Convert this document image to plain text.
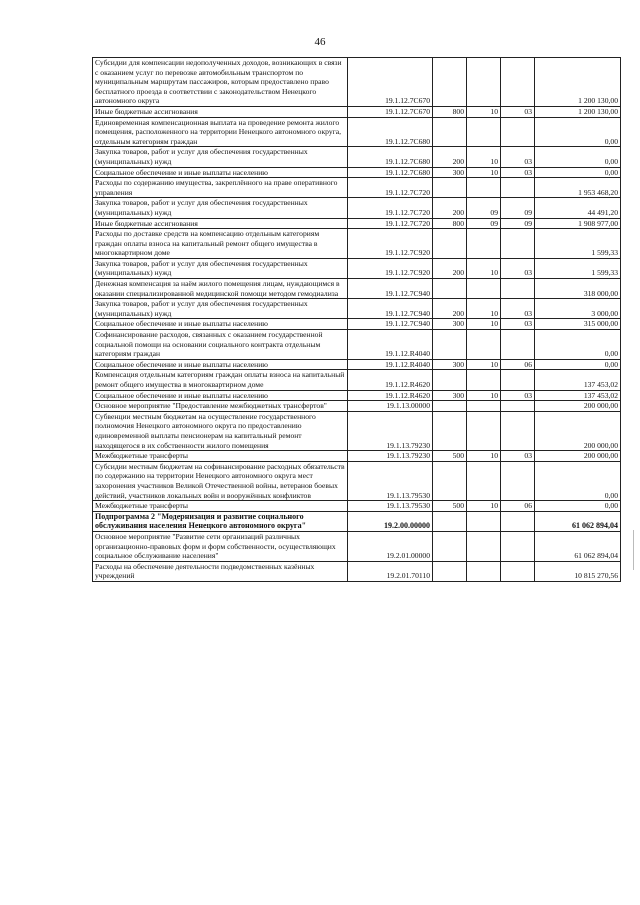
46
Субсидии для компенсации недополученных доходов, возникающих в связи с оказанием услуг по перевозке автомобильным транспортом по муниципальным маршрутам пассажиров, которым предоставлено право бесплатного проезда в соответствии с законодательством Ненецкого автономного округа	19.1.12.7С670				1 200 130,00
Иные бюджетные ассигнования	19.1.12.7С670	800	10	03	1 200 130,00
Единовременная компенсационная выплата на проведение ремонта жилого помещения, расположенного на территории Ненецкого автономного округа, отдельным категориям граждан	19.1.12.7С680				0,00
Закупка товаров, работ и услуг для обеспечения государственных (муниципальных) нужд	19.1.12.7С680	200	10	03	0,00
Социальное обеспечение и иные выплаты населению	19.1.12.7С680	300	10	03	0,00
Расходы по содержанию имущества, закреплённого на праве оперативного управления	19.1.12.7С720				1 953 468,20
Закупка товаров, работ и услуг для обеспечения государственных (муниципальных) нужд	19.1.12.7С720	200	09	09	44 491,20
Иные бюджетные ассигнования	19.1.12.7С720	800	09	09	1 908 977,00
Расходы по доставке средств на компенсацию отдельным категориям граждан оплаты взноса на капитальный ремонт общего имущества в многоквартирном доме	19.1.12.7С920				1 599,33
Закупка товаров, работ и услуг для обеспечения государственных (муниципальных) нужд	19.1.12.7С920	200	10	03	1 599,33
Денежная компенсация за наём жилого помещения лицам, нуждающимся в оказании специализированной медицинской помощи методом гемодиализа	19.1.12.7С940				318 000,00
Закупка товаров, работ и услуг для обеспечения государственных (муниципальных) нужд	19.1.12.7С940	200	10	03	3 000,00
Социальное обеспечение и иные выплаты населению	19.1.12.7С940	300	10	03	315 000,00
Софинансирование расходов, связанных с оказанием государственной социальной помощи на основании социального контракта отдельным категориям граждан	19.1.12.R4040				0,00
Социальное обеспечение и иные выплаты населению	19.1.12.R4040	300	10	06	0,00
Компенсация отдельным категориям граждан оплаты взноса на капитальный ремонт общего имущества в многоквартирном доме	19.1.12.R4620				137 453,02
Социальное обеспечение и иные выплаты населению	19.1.12.R4620	300	10	03	137 453,02
Основное мероприятие "Предоставление межбюджетных трансфертов"	19.1.13.00000				200 000,00
Субвенции местным бюджетам на осуществление государственного полномочия Ненецкого автономного округа по предоставлению единовременной выплаты пенсионерам на капитальный ремонт находящегося в их собственности жилого помещения	19.1.13.79230				200 000,00
Межбюджетные трансферты	19.1.13.79230	500	10	03	200 000,00
Субсидии местным бюджетам на софинансирование расходных обязательств по содержанию на территории Ненецкого автономного округа мест захоронения участников Великой Отечественной войны, ветеранов боевых действий, участников локальных войн и вооружённых конфликтов	19.1.13.79530				0,00
Межбюджетные трансферты	19.1.13.79530	500	10	06	0,00
Подпрограмма 2 "Модернизация и развитие социального обслуживания населения Ненецкого автономного округа"	19.2.00.00000				61 062 894,04
Основное мероприятие "Развитие сети организаций различных организационно-правовых форм и форм собственности, осуществляющих социальное обслуживание населения"	19.2.01.00000				61 062 894,04
Расходы на обеспечение деятельности подведомственных казённых учреждений	19.2.01.70110				10 815 270,56
